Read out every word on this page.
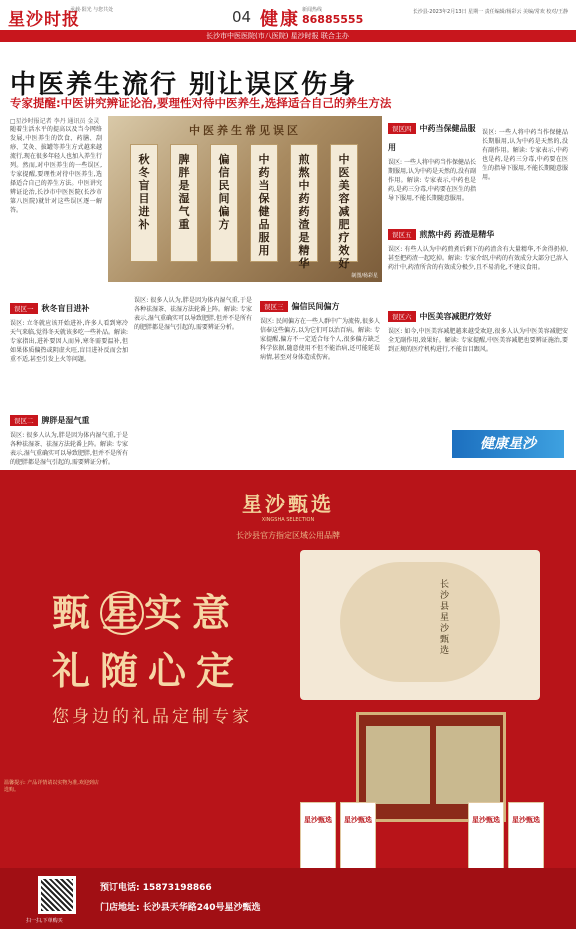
星沙时报
承载·阳光 与您共处	04 健康 新闻热线
86885555
长沙县·2023年2月13日 星期一 责任编辑/杨彩云 美编/常欢 校对/王静
长沙市中医医院(市八医院) 星沙时报 联合主办
中医养生流行 别让误区伤身
专家提醒:中医讲究辨证论治,要理性对待中医养生,选择适合自己的养生方法
□星沙时报记者 李丹 通讯员 金灵
随着生活水平的提高以及当今网络发展,中医养生的饮食、药膳、刮痧、艾灸、拔罐等养生方式越来越流行,现在很多年轻人也加入养生行列。然而,对中医养生的一些误区,专家提醒,要理性对待中医养生,选择适合自己的养生方法。中医讲究辨证论治,长沙市中医医院(长沙市第八医院)就针对这些误区逐一解答。
中医养生常见误区
秋冬盲目进补
脾胖是湿气重
偏信民间偏方
中药当保健品服用
煎熬中药药渣是精华
中医美容减肥疗效好
制图/杨彩星
误区一 秋冬盲目进补
误区: 立冬就应该开始进补,许多人看到寒冷天气来临,觉得冬天就该多吃一些补品。解读: 专家指出,进补要因人而异,寒冬需要温补,但如果体质偏热或阴虚火旺,盲目进补反而会加重不适,甚至引发上火等问题。
误区二 脾胖是湿气重
误区: 很多人认为,胖是因为体内湿气重,于是各种祛湿茶、祛湿方法轮番上阵。解读: 专家表示,湿气重确实可以导致肥胖,但并不是所有的肥胖都是湿气引起的,需要辨证分析。
误区: 很多人认为,胖是因为体内湿气重,于是各种祛湿茶、祛湿方法轮番上阵。解读: 专家表示,湿气重确实可以导致肥胖,但并不是所有的肥胖都是湿气引起的,需要辨证分析。
误区三 偏信民间偏方
误区: 民间偏方在一些人群中广为流传,很多人信奉这些偏方,以为它们可以治百病。解读: 专家提醒,偏方不一定适合每个人,很多偏方缺乏科学依据,随意使用不但不能治病,还可能延误病情,甚至对身体造成伤害。
误区四 中药当保健品服用
误区: 一些人将中药当作保健品长期服用,认为中药是天然的,没有副作用。解读: 专家表示,中药也是药,是药三分毒,中药要在医生的指导下服用,不能长期随意服用。
误区: 一些人将中药当作保健品长期服用,认为中药是天然的,没有副作用。解读: 专家表示,中药也是药,是药三分毒,中药要在医生的指导下服用,不能长期随意服用。
误区五 煎熬中药 药渣是精华
误区: 有些人认为中药煎煮后剩下的药渣含有大量精华,不舍得扔掉,甚至把药渣一起吃掉。解读: 专家介绍,中药的有效成分大部分已溶入药汁中,药渣所含的有效成分极少,且不易消化,不建议食用。
误区六 中医美容减肥疗效好
误区: 如今,中医美容减肥越来越受欢迎,很多人认为中医美容减肥安全无副作用,效果好。解读: 专家提醒,中医美容减肥也要辨证施治,要到正规的医疗机构进行,不能盲目跟风。
星沙甄选
XINGSHA SELECTION
长沙县官方指定区域公用品牌
甄星实意
礼随心定
您身边的礼品定制专家
长沙县星沙甄选
星沙甄选	星沙甄选	星沙甄选	星沙甄选
温馨提示: 产品详情请以实物为准,欢迎到店选购。
扫一扫,下单购买
预订电话: 15873198866
门店地址: 长沙县天华路240号星沙甄选
健康星沙
